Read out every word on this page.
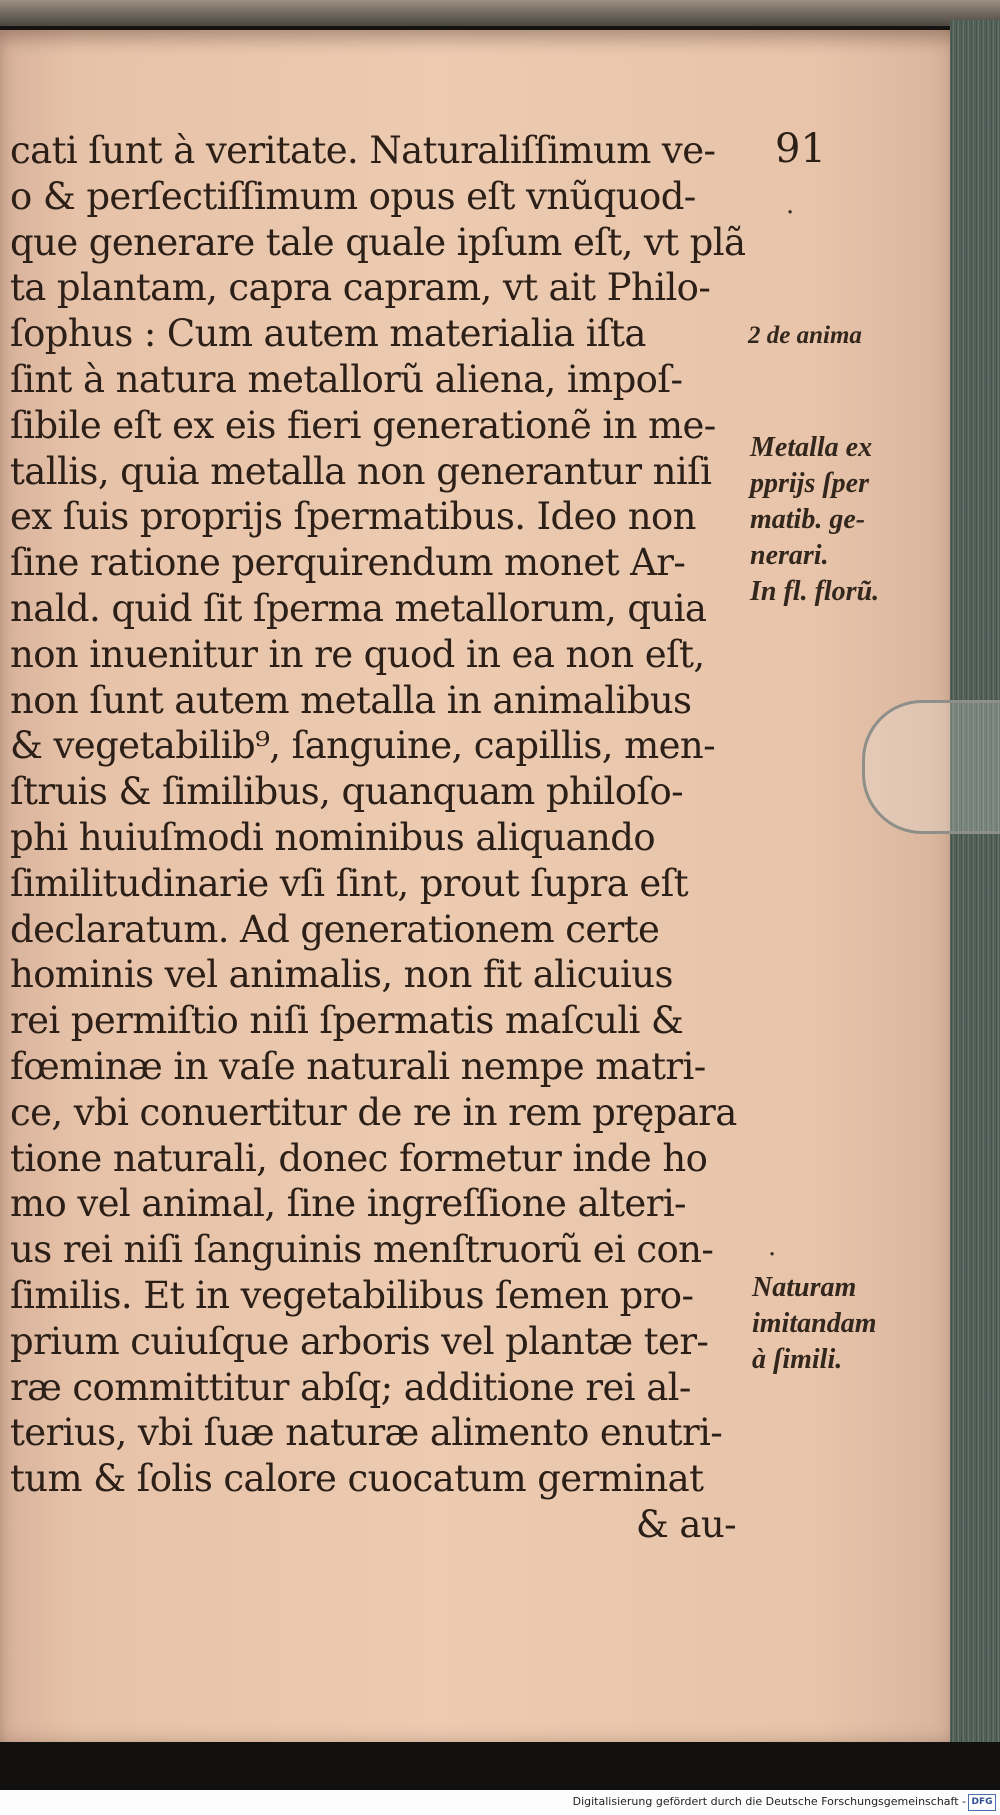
91
cati ſunt à veritate. Naturaliſſimum ve-
o & perſectiſſimum opus eſt vnũquod-
que generare tale quale ipſum eſt, vt plã
ta plantam, capra capram, vt ait Philo-
ſophus : Cum autem materialia iſta
ſint à natura metallorũ aliena, impoſ-
ſibile eſt ex eis fieri generationẽ in me-
tallis, quia metalla non generantur niſi
ex ſuis proprijs ſpermatibus. Ideo non
ſine ratione perquirendum monet Ar-
nald. quid ſit ſperma metallorum, quia
non inuenitur in re quod in ea non eſt,
non ſunt autem metalla in animalibus
& vegetabilib⁹, ſanguine, capillis, men-
ſtruis & ſimilibus, quanquam philoſo-
phi huiuſmodi nominibus aliquando
ſimilitudinarie vſi ſint, prout ſupra eſt
declaratum. Ad generationem certe
hominis vel animalis, non fit alicuius
rei permiſtio niſi ſpermatis maſculi &
fœminæ in vaſe naturali nempe matri-
ce, vbi conuertitur de re in rem prępara
tione naturali, donec formetur inde ho
mo vel animal, ſine ingreſſione alteri-
us rei niſi ſanguinis menſtruorũ ei con-
ſimilis. Et in vegetabilibus ſemen pro-
prium cuiuſque arboris vel plantæ ter-
ræ committitur abſq; additione rei al-
terius, vbi ſuæ naturæ alimento enutri-
tum & ſolis calore cuocatum germinat
& au-
2 de anima
Metalla ex
pprijs ſper
matib. ge-
nerari.
In fl. florũ.
Naturam
imitandam
à ſimili.
·
·
Digitalisierung gefördert durch die Deutsche Forschungsgemeinschaft - DFG
